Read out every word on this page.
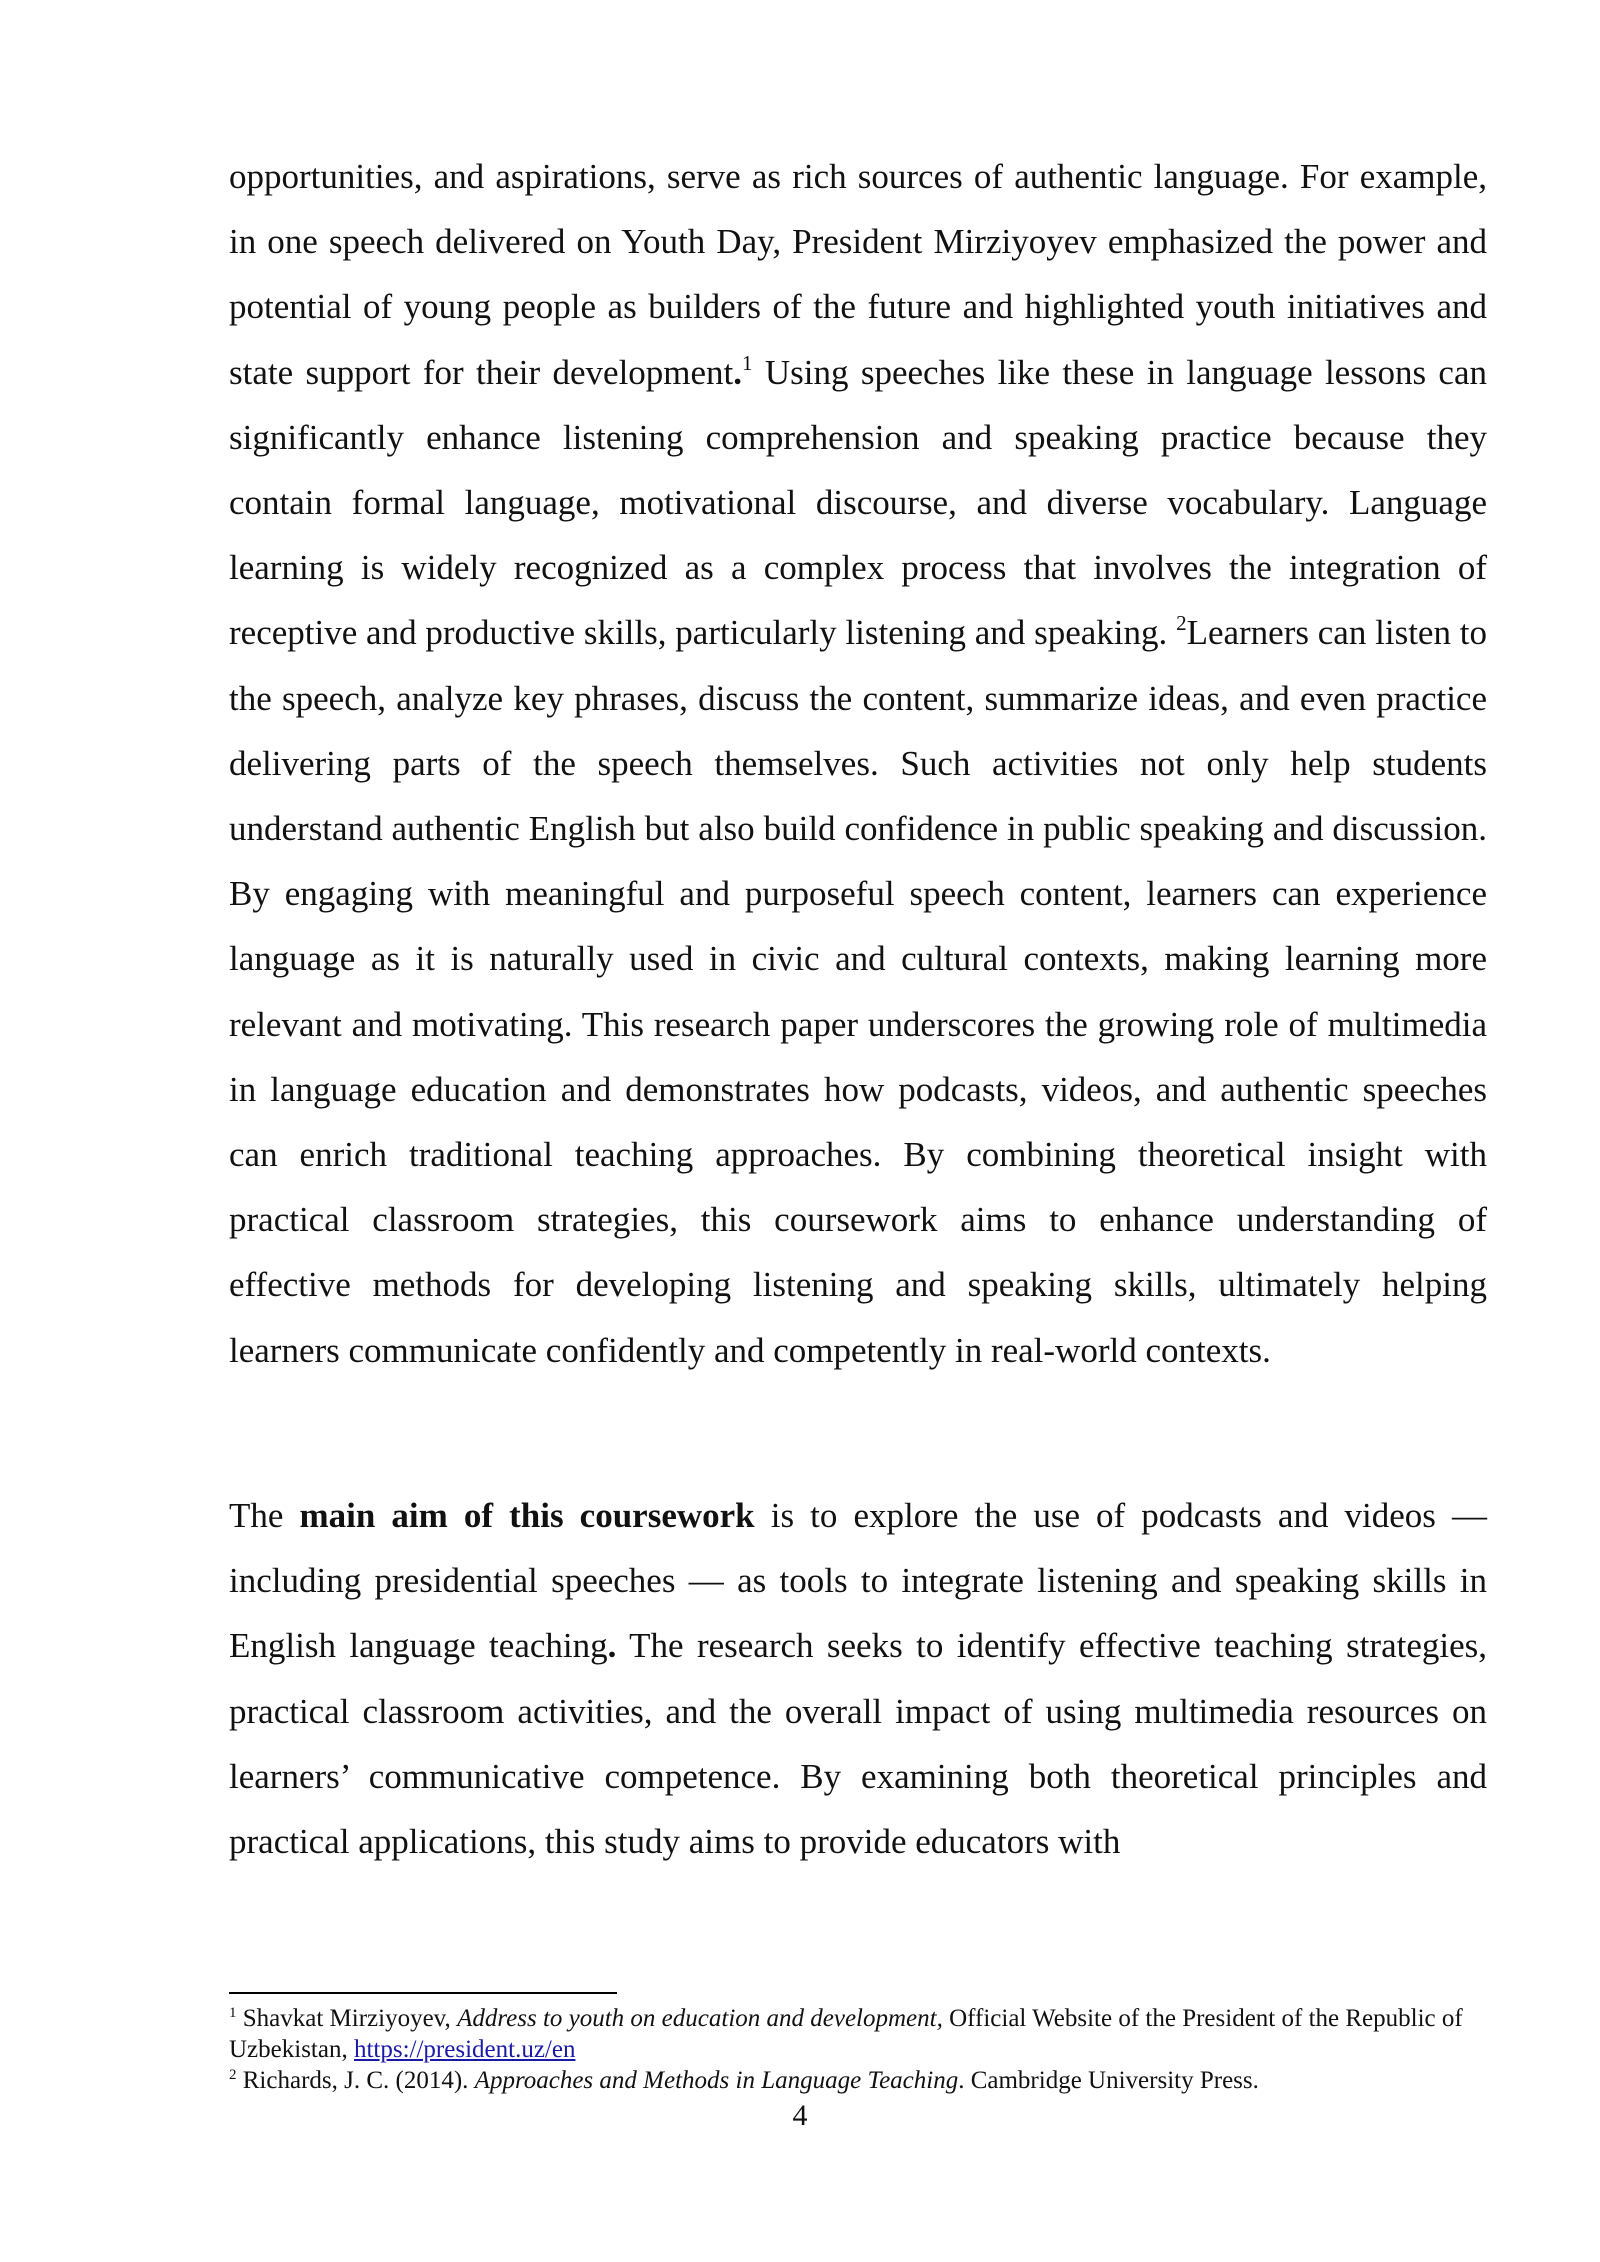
opportunities, and aspirations, serve as rich sources of authentic language. For example, in one speech delivered on Youth Day, President Mirziyoyev emphasized the power and potential of young people as builders of the future and highlighted youth initiatives and state support for their development.$^1$ Using speeches like these in language lessons can significantly enhance listening comprehension and speaking practice because they contain formal language, motivational discourse, and diverse vocabulary. Language learning is widely recognized as a complex process that involves the integration of receptive and productive skills, particularly listening and speaking. $^2$Learners can listen to the speech, analyze key phrases, discuss the content, summarize ideas, and even practice delivering parts of the speech themselves. Such activities not only help students understand authentic English but also build confidence in public speaking and discussion. By engaging with meaningful and purposeful speech content, learners can experience language as it is naturally used in civic and cultural contexts, making learning more relevant and motivating. This research paper underscores the growing role of multimedia in language education and demonstrates how podcasts, videos, and authentic speeches can enrich traditional teaching approaches. By combining theoretical insight with practical classroom strategies, this coursework aims to enhance understanding of effective methods for developing listening and speaking skills, ultimately helping learners communicate confidently and competently in real-world contexts.

The main aim of this coursework is to explore the use of podcasts and videos — including presidential speeches — as tools to integrate listening and speaking skills in English language teaching. The research seeks to identify effective teaching strategies, practical classroom activities, and the overall impact of using multimedia resources on learners’ communicative competence. By examining both theoretical principles and practical applications, this study aims to provide educators with

$^1$ Shavkat Mirziyoyev, Address to youth on education and development, Official Website of the President of the Republic of Uzbekistan, https://president.uz/en

$^2$ Richards, J. C. (2014). Approaches and Methods in Language Teaching. Cambridge University Press.

4
